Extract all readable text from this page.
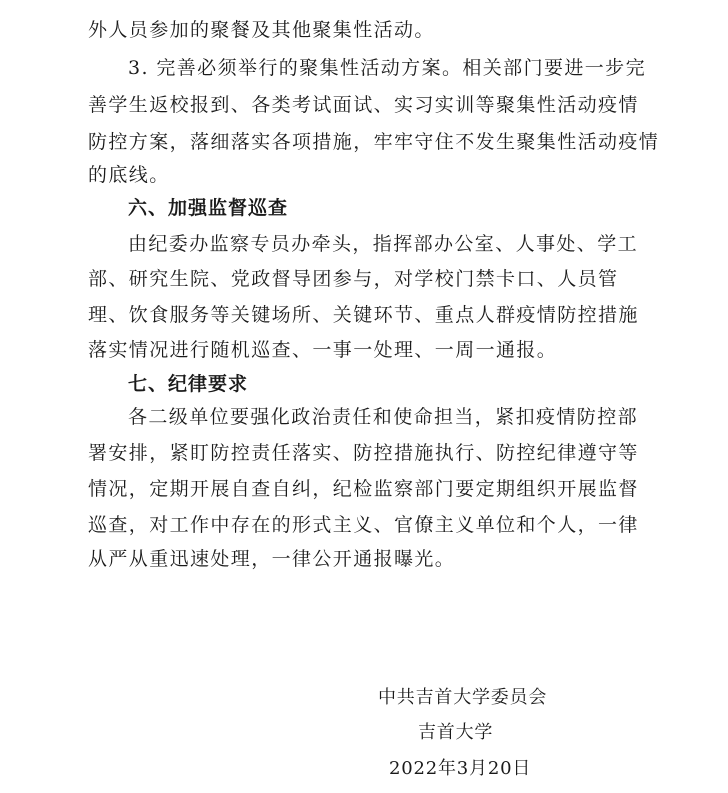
外人员参加的聚餐及其他聚集性活动。
3. 完善必须举行的聚集性活动方案。相关部门要进一步完
善学生返校报到、各类考试面试、实习实训等聚集性活动疫情
防控方案，落细落实各项措施，牢牢守住不发生聚集性活动疫情
的底线。
六、加强监督巡查
由纪委办监察专员办牵头，指挥部办公室、人事处、学工
部、研究生院、党政督导团参与，对学校门禁卡口、人员管
理、饮食服务等关键场所、关键环节、重点人群疫情防控措施
落实情况进行随机巡查、一事一处理、一周一通报。
七、纪律要求
各二级单位要强化政治责任和使命担当，紧扣疫情防控部
署安排，紧盯防控责任落实、防控措施执行、防控纪律遵守等
情况，定期开展自查自纠，纪检监察部门要定期组织开展监督
巡查，对工作中存在的形式主义、官僚主义单位和个人，一律
从严从重迅速处理，一律公开通报曝光。
中共吉首大学委员会
吉首大学
2022年3月20日
